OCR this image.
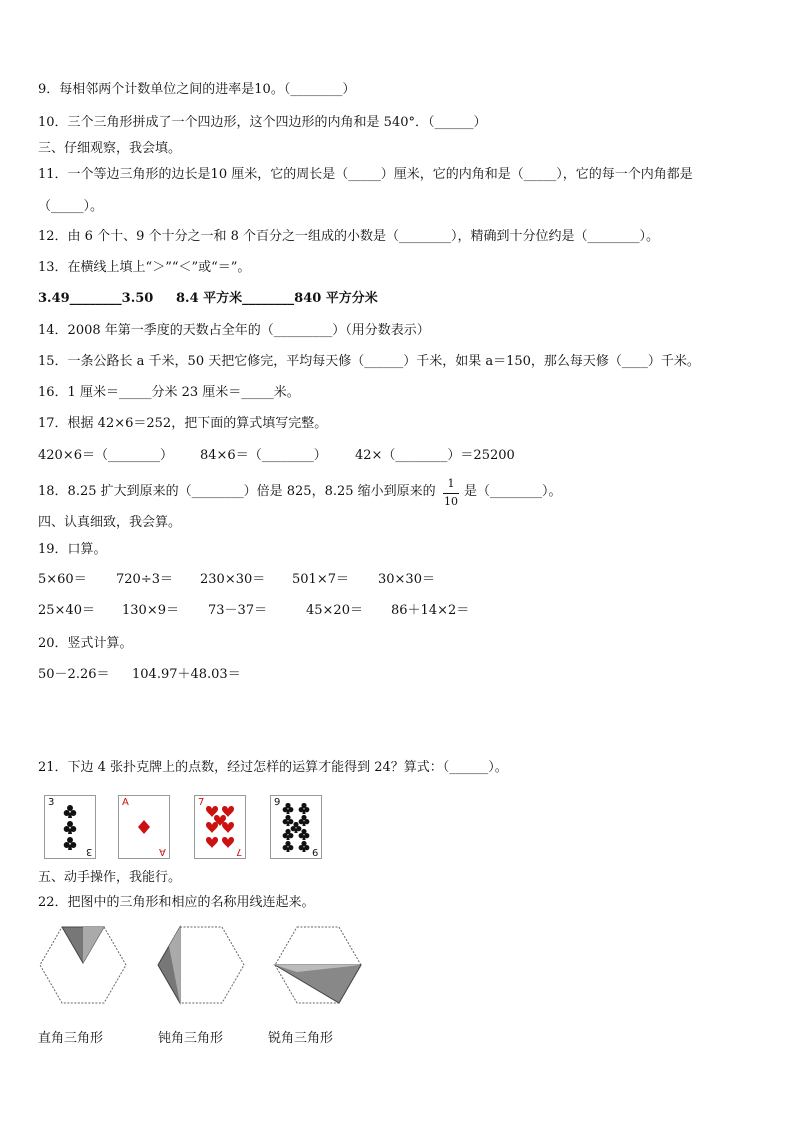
9．每相邻两个计数单位之间的进率是10。（________）
10．三个三角形拼成了一个四边形，这个四边形的内角和是 540°．（______）
三、仔细观察，我会填。
11．一个等边三角形的边长是10 厘米，它的周长是（_____）厘米，它的内角和是（_____），它的每一个内角都是
（_____）。
12．由 6 个十、9 个十分之一和 8 个百分之一组成的小数是（________），精确到十分位约是（________）。
13．在横线上填上“＞”“＜”或“＝”。
3.49________3.50 8.4 平方米________840 平方分米
14．2008 年第一季度的天数占全年的（_________）（用分数表示）
15．一条公路长 a 千米，50 天把它修完，平均每天修（______）千米，如果 a＝150，那么每天修（____）千米。
16．1 厘米＝_____分米 23 厘米＝_____米。
17．根据 42×6＝252，把下面的算式填写完整。
420×6＝（________） 84×6＝（________） 42×（________）＝25200
18．8.25 扩大到原来的（________）倍是 825，8.25 缩小到原来的
1
10
是（________）。
四、认真细致，我会算。
19．口算。
5×60＝ 720÷3＝ 230×30＝ 501×7＝ 30×30＝
25×40＝ 130×9＝ 73－37＝	45×20＝ 86＋14×2＝
20．竖式计算。
50－2.26＝ 104.97＋48.03＝
21．下边 4 张扑克牌上的点数，经过怎样的运算才能得到 24？算式：（______）。
3
3
A
A
7
7
9
9
五、动手操作，我能行。
22．把图中的三角形和相应的名称用线连起来。
直角三角形	钝角三角形	锐角三角形
